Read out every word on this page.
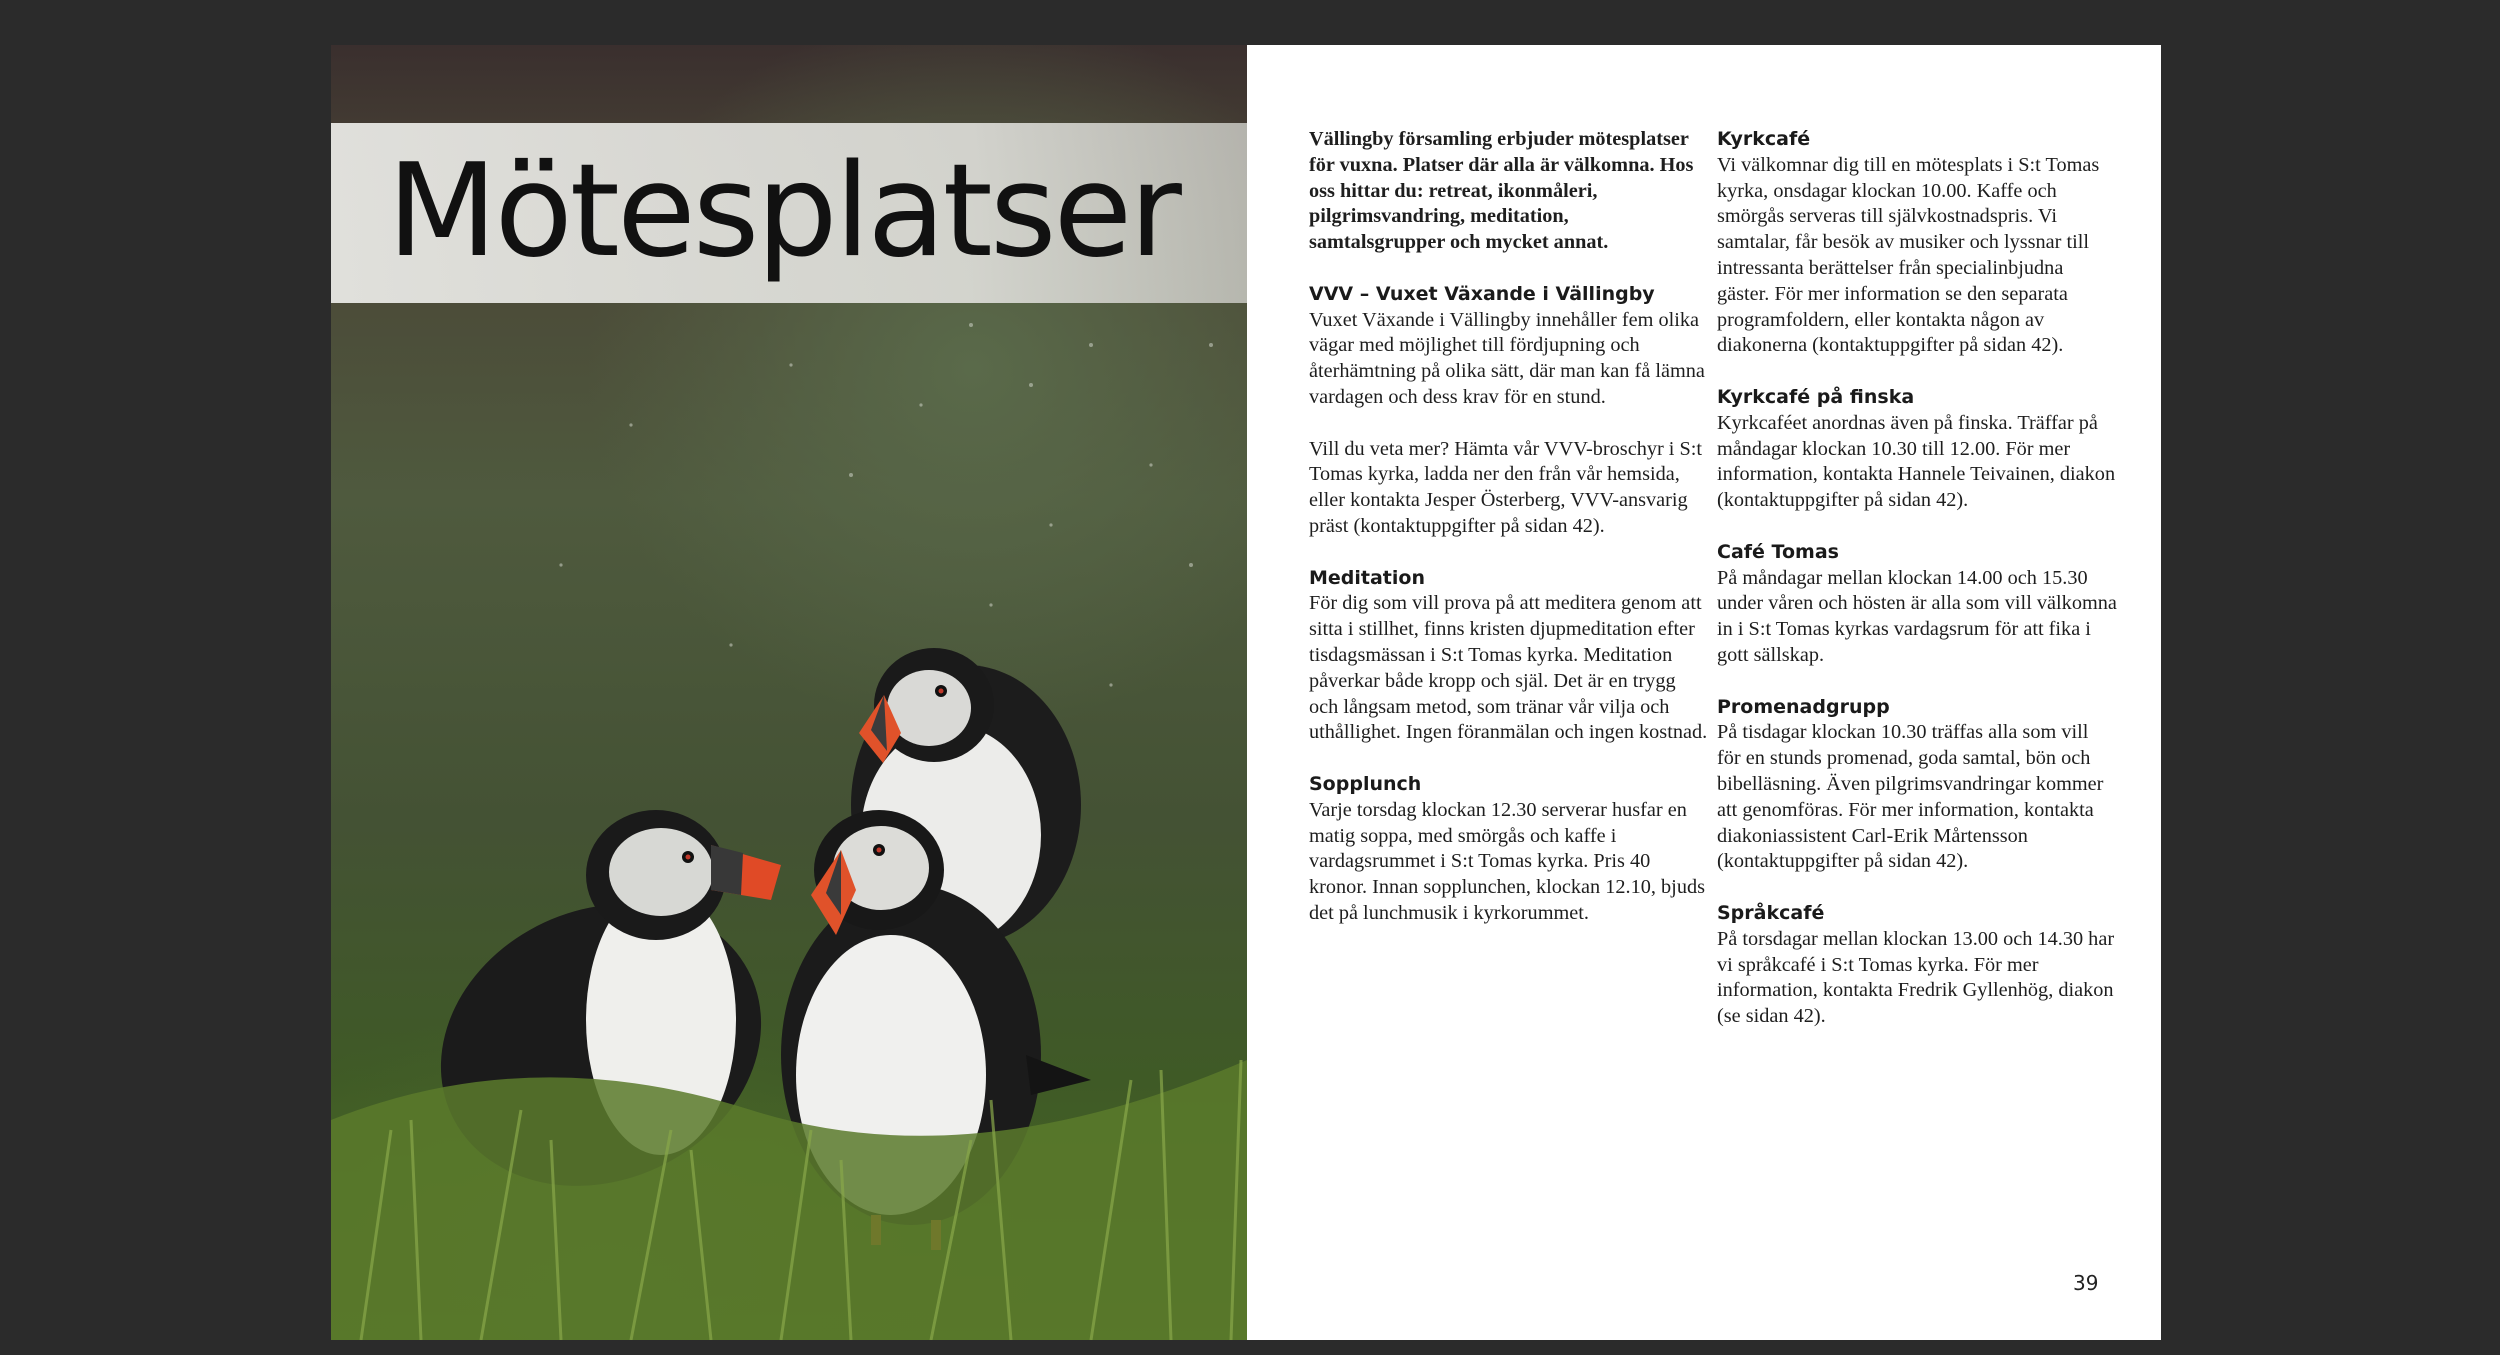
Mötesplatser	Vällingby församling erbjuder mötesplatser för vuxna. Platser där alla är välkomna. Hos oss hittar du: retreat, ikonmåleri, pilgrimsvandring, meditation, samtalsgrupper och mycket annat.

VVV – Vuxet Växande i Vällingby

Vuxet Växande i Vällingby innehåller fem olika vägar med möjlighet till fördjupning och återhämtning på olika sätt, där man kan få lämna vardagen och dess krav för en stund.

Vill du veta mer? Hämta vår VVV-broschyr i S:t Tomas kyrka, ladda ner den från vår hemsida, eller kontakta Jesper Österberg, VVV-ansvarig präst (kontaktuppgifter på sidan 42).

Meditation

För dig som vill prova på att meditera genom att sitta i stillhet, finns kristen djupmeditation efter tisdagsmässan i S:t Tomas kyrka. Meditation påverkar både kropp och själ. Det är en trygg och långsam metod, som tränar vår vilja och uthållighet. Ingen föranmälan och ingen kostnad.

Sopplunch

Varje torsdag klockan 12.30 serverar husfar en matig soppa, med smörgås och kaffe i vardagsrummet i S:t Tomas kyrka. Pris 40 kronor. Innan sopplunchen, klockan 12.10, bjuds det på lunchmusik i kyrkorummet.

Kyrkcafé

Vi välkomnar dig till en mötesplats i S:t Tomas kyrka, onsdagar klockan 10.00. Kaffe och smörgås serveras till självkostnadspris. Vi samtalar, får besök av musiker och lyssnar till intressanta berättelser från specialinbjudna gäster. För mer information se den separata programfoldern, eller kontakta någon av diakonerna (kontaktuppgifter på sidan 42).

Kyrkcafé på finska

Kyrkcaféet anordnas även på finska. Träffar på måndagar klockan 10.30 till 12.00. För mer information, kontakta Hannele Teivainen, diakon (kontaktuppgifter på sidan 42).

Café Tomas

På måndagar mellan klockan 14.00 och 15.30 under våren och hösten är alla som vill välkomna in i S:t Tomas kyrkas vardagsrum för att fika i gott sällskap.

Promenadgrupp

På tisdagar klockan 10.30 träffas alla som vill för en stunds promenad, goda samtal, bön och bibelläsning. Även pilgrimsvandringar kommer att genomföras. För mer information, kontakta diakoniassistent Carl-Erik Mårtensson (kontaktuppgifter på sidan 42).

Språkcafé

På torsdagar mellan klockan 13.00 och 14.30 har vi språkcafé i S:t Tomas kyrka. För mer information, kontakta Fredrik Gyllenhög, diakon (se sidan 42).

39
